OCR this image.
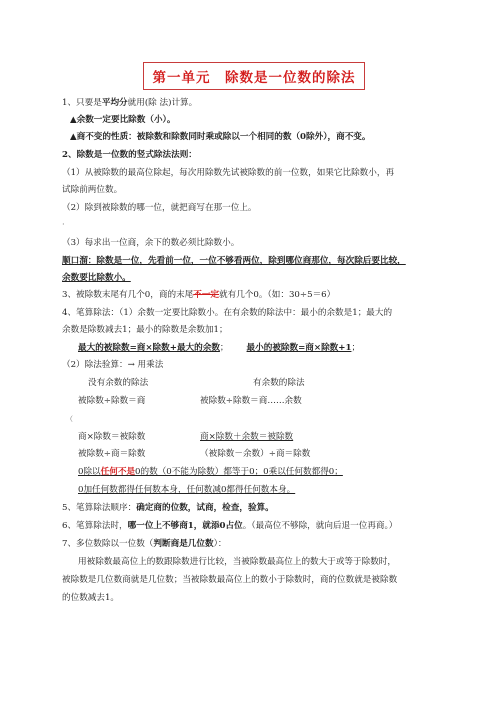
第一单元　除数是一位数的除法
1、只要是平均分就用(除 法)计算。
▲余数一定要比除数（小）。
▲商不变的性质：被除数和除数同时乘或除以一个相同的数（0除外），商不变。
2、除数是一位数的竖式除法法则：
（1）从被除数的最高位除起，每次用除数先试被除数的前一位数，如果它比除数小，再
试除前两位数。
（2）除到被除数的哪一位，就把商写在那一位上。
·
（3）每求出一位商，余下的数必须比除数小。
顺口溜：除数是一位，先看前一位，一位不够看两位，除到哪位商那位，每次除后要比较，
余数要比除数小。
3、被除数末尾有几个0，商的末尾不一定就有几个0。（如：30÷5＝6）
4、笔算除法：（1）余数一定要比除数小。在有余数的除法中：最小的余数是1；最大的
余数是除数减去1；最小的除数是余数加1；
最大的被除数=商×除数+最大的余数； 最小的被除数=商×除数+1；
（2）除法验算：→ 用乘法
没有余数的除法	有余数的除法
被除数÷除数＝商	被除数÷除数＝商……余数
（
商×除数＝被除数	商×除数＋余数＝被除数
被除数÷商＝除数	（被除数－余数）÷商＝除数
0除以任何不是0的数（0不能为除数）都等于0；0乘以任何数都得0；
0加任何数都得任何数本身，任何数减0都得任何数本身。
5、笔算除法顺序：确定商的位数，试商，检查，验算。
6、笔算除法时，哪一位上不够商1，就添0占位。（最高位不够除，就向后退一位再商。）
7、多位数除以一位数（判断商是几位数）：
用被除数最高位上的数跟除数进行比较，当被除数最高位上的数大于或等于除数时，
被除数是几位数商就是几位数；当被除数最高位上的数小于除数时，商的位数就是被除数
的位数减去1。
